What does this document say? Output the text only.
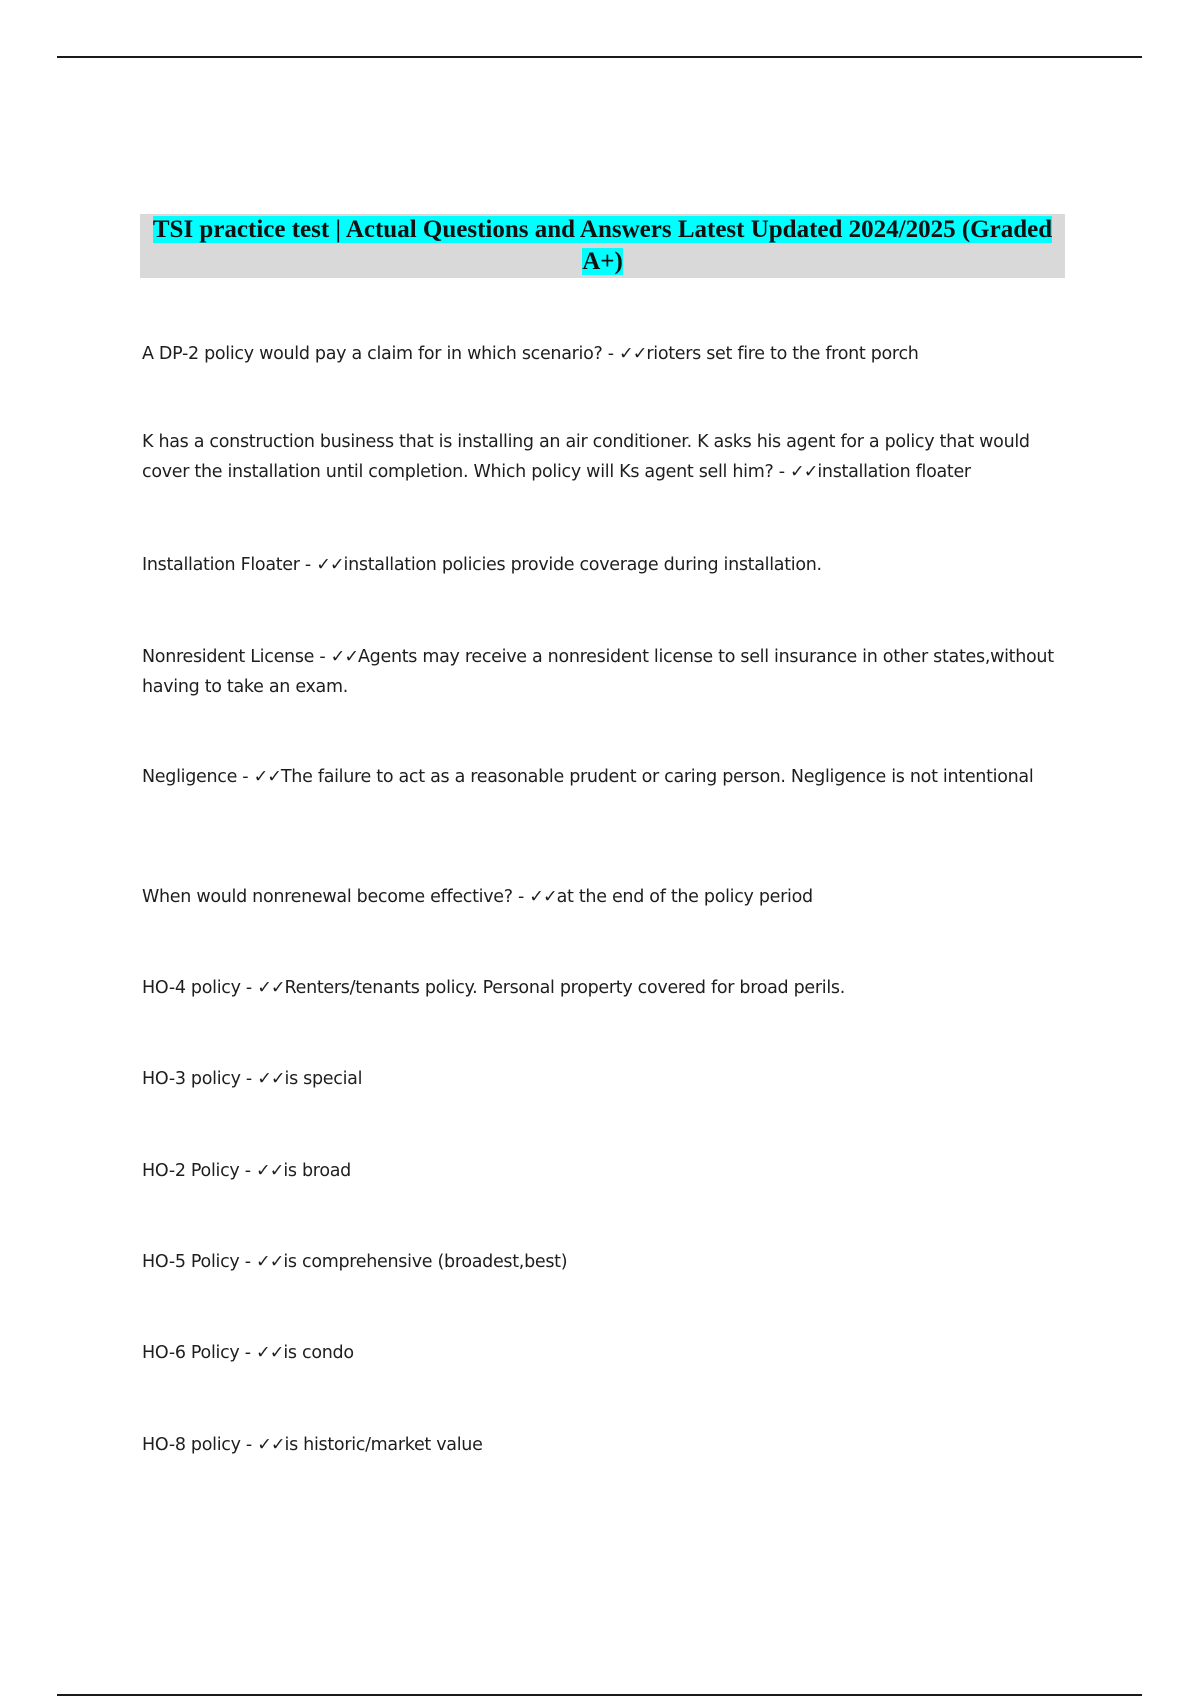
TSI practice test | Actual Questions and Answers Latest Updated 2024/2025 (Graded A+)
A DP-2 policy would pay a claim for in which scenario? - ✓✓rioters set fire to the front porch
K has a construction business that is installing an air conditioner. K asks his agent for a policy that would cover the installation until completion. Which policy will Ks agent sell him? - ✓✓installation floater
Installation Floater - ✓✓installation policies provide coverage during installation.
Nonresident License - ✓✓Agents may receive a nonresident license to sell insurance in other states,without having to take an exam.
Negligence - ✓✓The failure to act as a reasonable prudent or caring person. Negligence is not intentional
When would nonrenewal become effective? - ✓✓at the end of the policy period
HO-4 policy - ✓✓Renters/tenants policy. Personal property covered for broad perils.
HO-3 policy - ✓✓is special
HO-2 Policy - ✓✓is broad
HO-5 Policy - ✓✓is comprehensive (broadest,best)
HO-6 Policy - ✓✓is condo
HO-8 policy - ✓✓is historic/market value
